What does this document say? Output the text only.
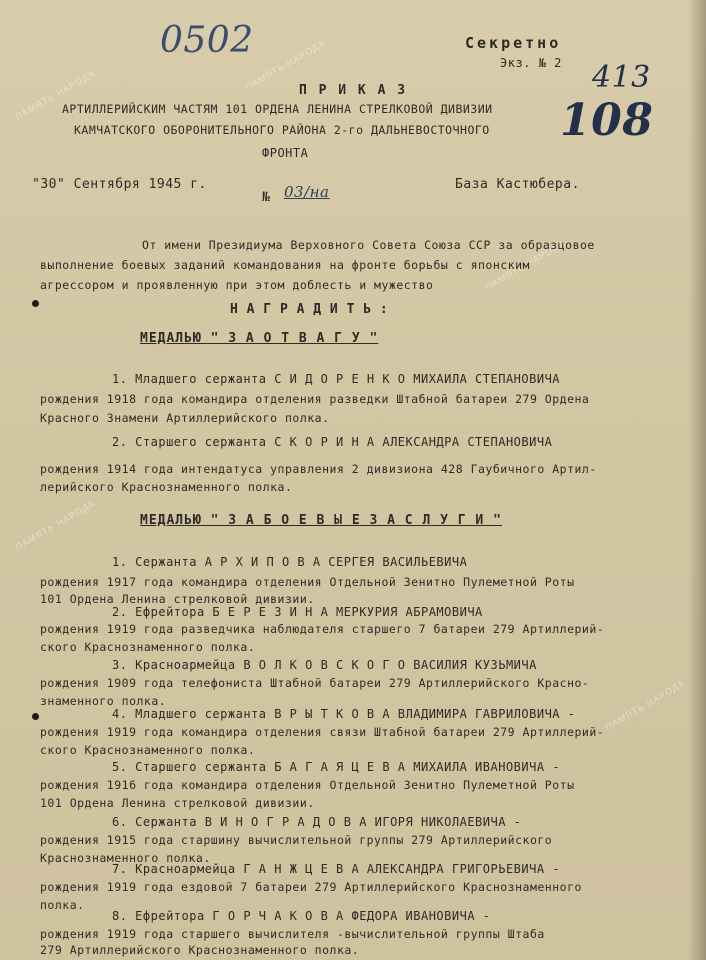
ПАМЯТЬ НАРОДА
ПАМЯТЬ НАРОДА
ПАМЯТЬ НАРОДА
ПАМЯТЬ НАРОДА
ПАМЯТЬ НАРОДА
0502	Секретно
Экз. № 2 413
108
П Р И К А З
АРТИЛЛЕРИЙСКИМ ЧАСТЯМ 101 ОРДЕНА ЛЕНИНА СТРЕЛКОВОЙ ДИВИЗИИ
КАМЧАТСКОГО ОБОРОНИТЕЛЬНОГО РАЙОНА 2-го ДАЛЬНЕВОСТОЧНОГО
ФРОНТА
"30" Сентября 1945 г.
№ 03/на	База Кастюбера.
От имени Президиума Верховного Совета Союза ССР за образцовое
выполнение боевых заданий командования на фронте борьбы с японским
агрессором и проявленную при этом доблесть и мужество
Н А Г Р А Д И Т Ь :
МЕДАЛЬЮ " З А О Т В А Г У "
1. Младшего сержанта С И Д О Р Е Н К О МИХАИЛА СТЕПАНОВИЧА
рождения 1918 года командира отделения разведки Штабной батареи 279 Ордена
Красного Знамени Артиллерийского полка.
2. Старшего сержанта С К О Р И Н А АЛЕКСАНДРА СТЕПАНОВИЧА
рождения 1914 года интендатуса управления 2 дивизиона 428 Гаубичного Артил-
лерийского Краснознаменного полка.
МЕДАЛЬЮ " З А Б О Е В Ы Е З А С Л У Г И "
1. Сержанта А Р Х И П О В А СЕРГЕЯ ВАСИЛЬЕВИЧА
рождения 1917 года командира отделения Отдельной Зенитно Пулеметной Роты
101 Ордена Ленина стрелковой дивизии.
2. Ефрейтора Б Е Р Е З И Н А МЕРКУРИЯ АБРАМОВИЧА
рождения 1919 года разведчика наблюдателя старшего 7 батареи 279 Артиллерий-
ского Краснознаменного полка.
3. Красноармейца В О Л К О В С К О Г О ВАСИЛИЯ КУЗЬМИЧА
рождения 1909 года телефониста Штабной батареи 279 Артиллерийского Красно-
знаменного полка.
4. Младшего сержанта В Р Ы Т К О В А ВЛАДИМИРА ГАВРИЛОВИЧА -
рождения 1919 года командира отделения связи Штабной батареи 279 Артиллерий-
ского Краснознаменного полка.
5. Старшего сержанта Б А Г А Я Ц Е В А МИХАИЛА ИВАНОВИЧА -
рождения 1916 года командира отделения Отдельной Зенитно Пулеметной Роты
101 Ордена Ленина стрелковой дивизии.
6. Сержанта В И Н О Г Р А Д О В А ИГОРЯ НИКОЛАЕВИЧА -
рождения 1915 года старшину вычислительной группы 279 Артиллерийского
Краснознаменного полка.
7. Красноармейца Г А Н Ж Ц Е В А АЛЕКСАНДРА ГРИГОРЬЕВИЧА -
рождения 1919 года ездовой 7 батареи 279 Артиллерийского Краснознаменного
полка.
8. Ефрейтора Г О Р Ч А К О В А ФЕДОРА ИВАНОВИЧА -
рождения 1919 года старшего вычислителя -вычислительной группы Штаба
279 Артиллерийского Краснознаменного полка.
